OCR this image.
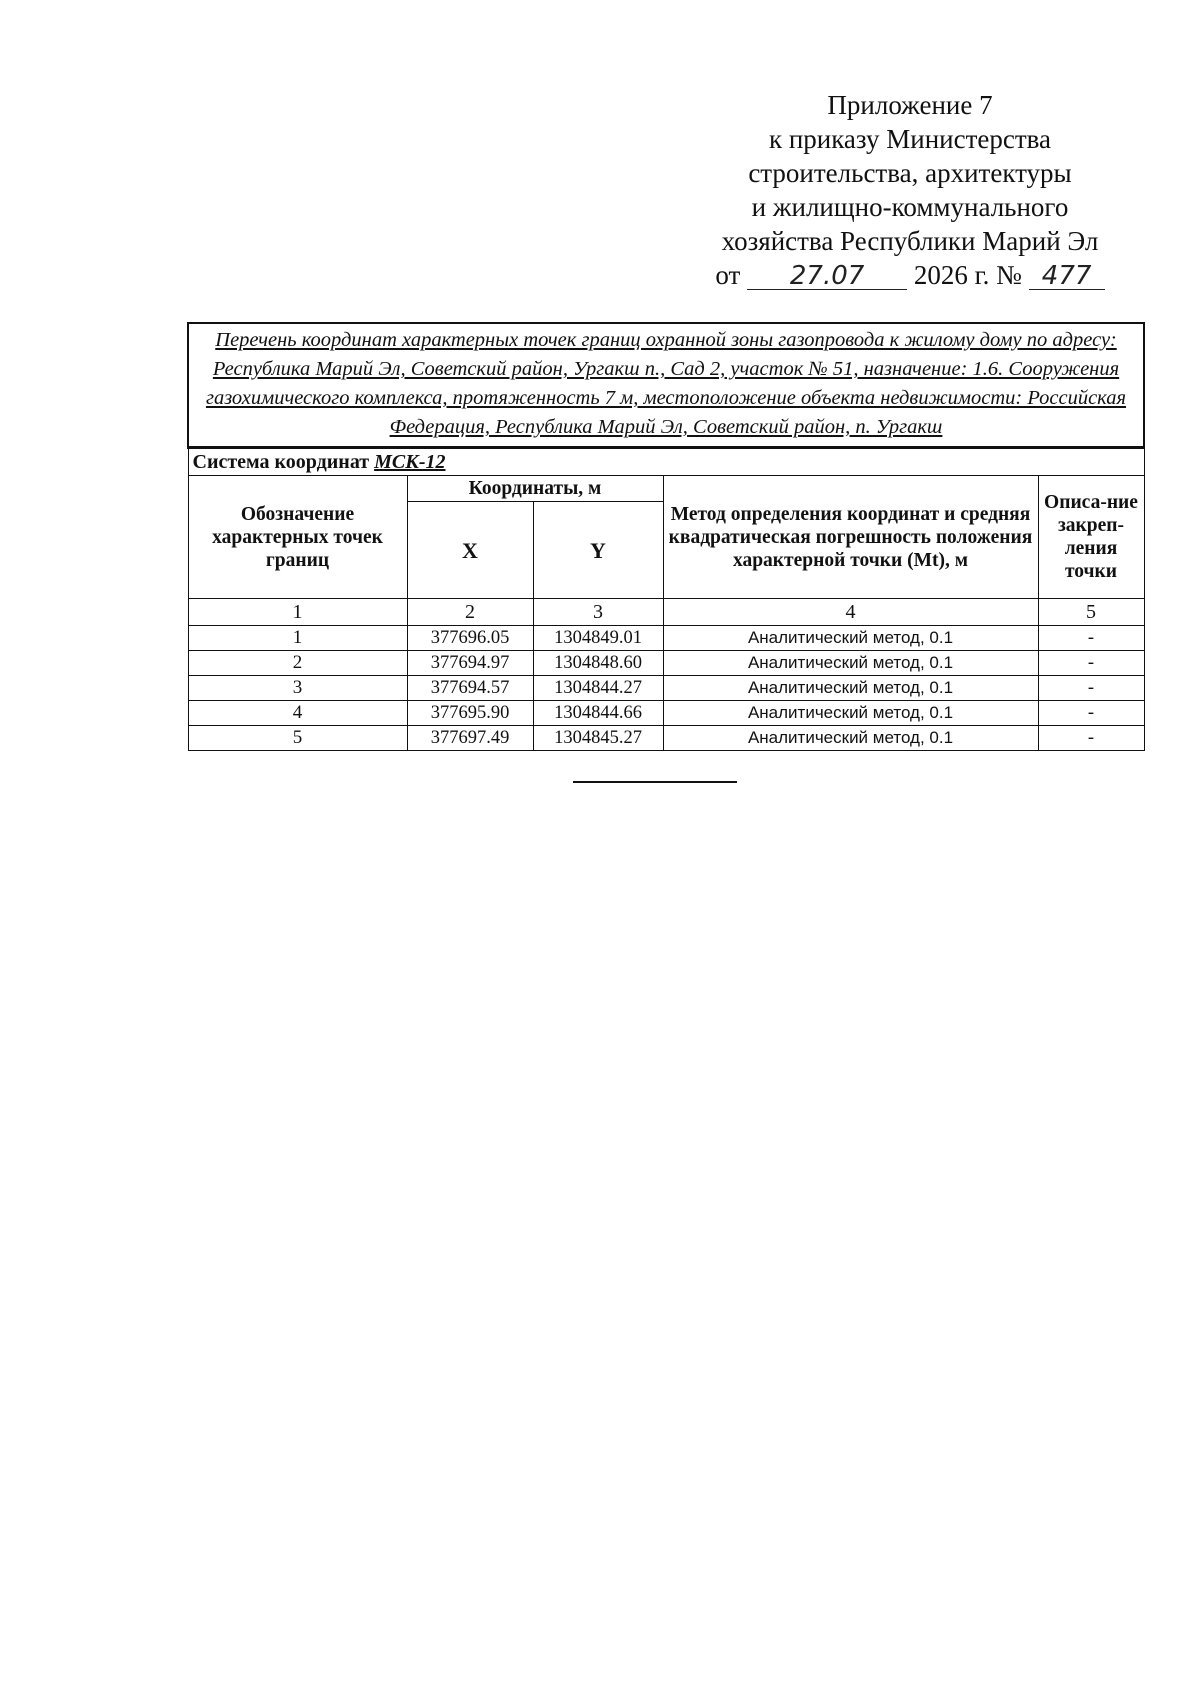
Приложение 7
к приказу Министерства
строительства, архитектуры
и жилищно-коммунального
хозяйства Республики Марий Эл
от 27.07 2026 г. № 477
Перечень координат характерных точек границ охранной зоны газопровода к жилому дому по адресу: Республика Марий Эл, Советский район, Ургакш п., Сад 2, участок № 51, назначение: 1.6. Сооружения газохимического комплекса, протяженность 7 м, местоположение объекта недвижимости: Российская Федерация, Республика Марий Эл, Советский район, п. Ургакш				
Система координат МСК-12				
Обозначение характерных точек границ	Координаты, м		Метод определения координат и средняя квадратическая погрешность положения характерной точки (Mt), м	Описа-ние закреп-ления точки
	X	Y		
1	2	3	4	5
1	377696.05	1304849.01	Аналитический метод, 0.1	-
2	377694.97	1304848.60	Аналитический метод, 0.1	-
3	377694.57	1304844.27	Аналитический метод, 0.1	-
4	377695.90	1304844.66	Аналитический метод, 0.1	-
5	377697.49	1304845.27	Аналитический метод, 0.1	-
